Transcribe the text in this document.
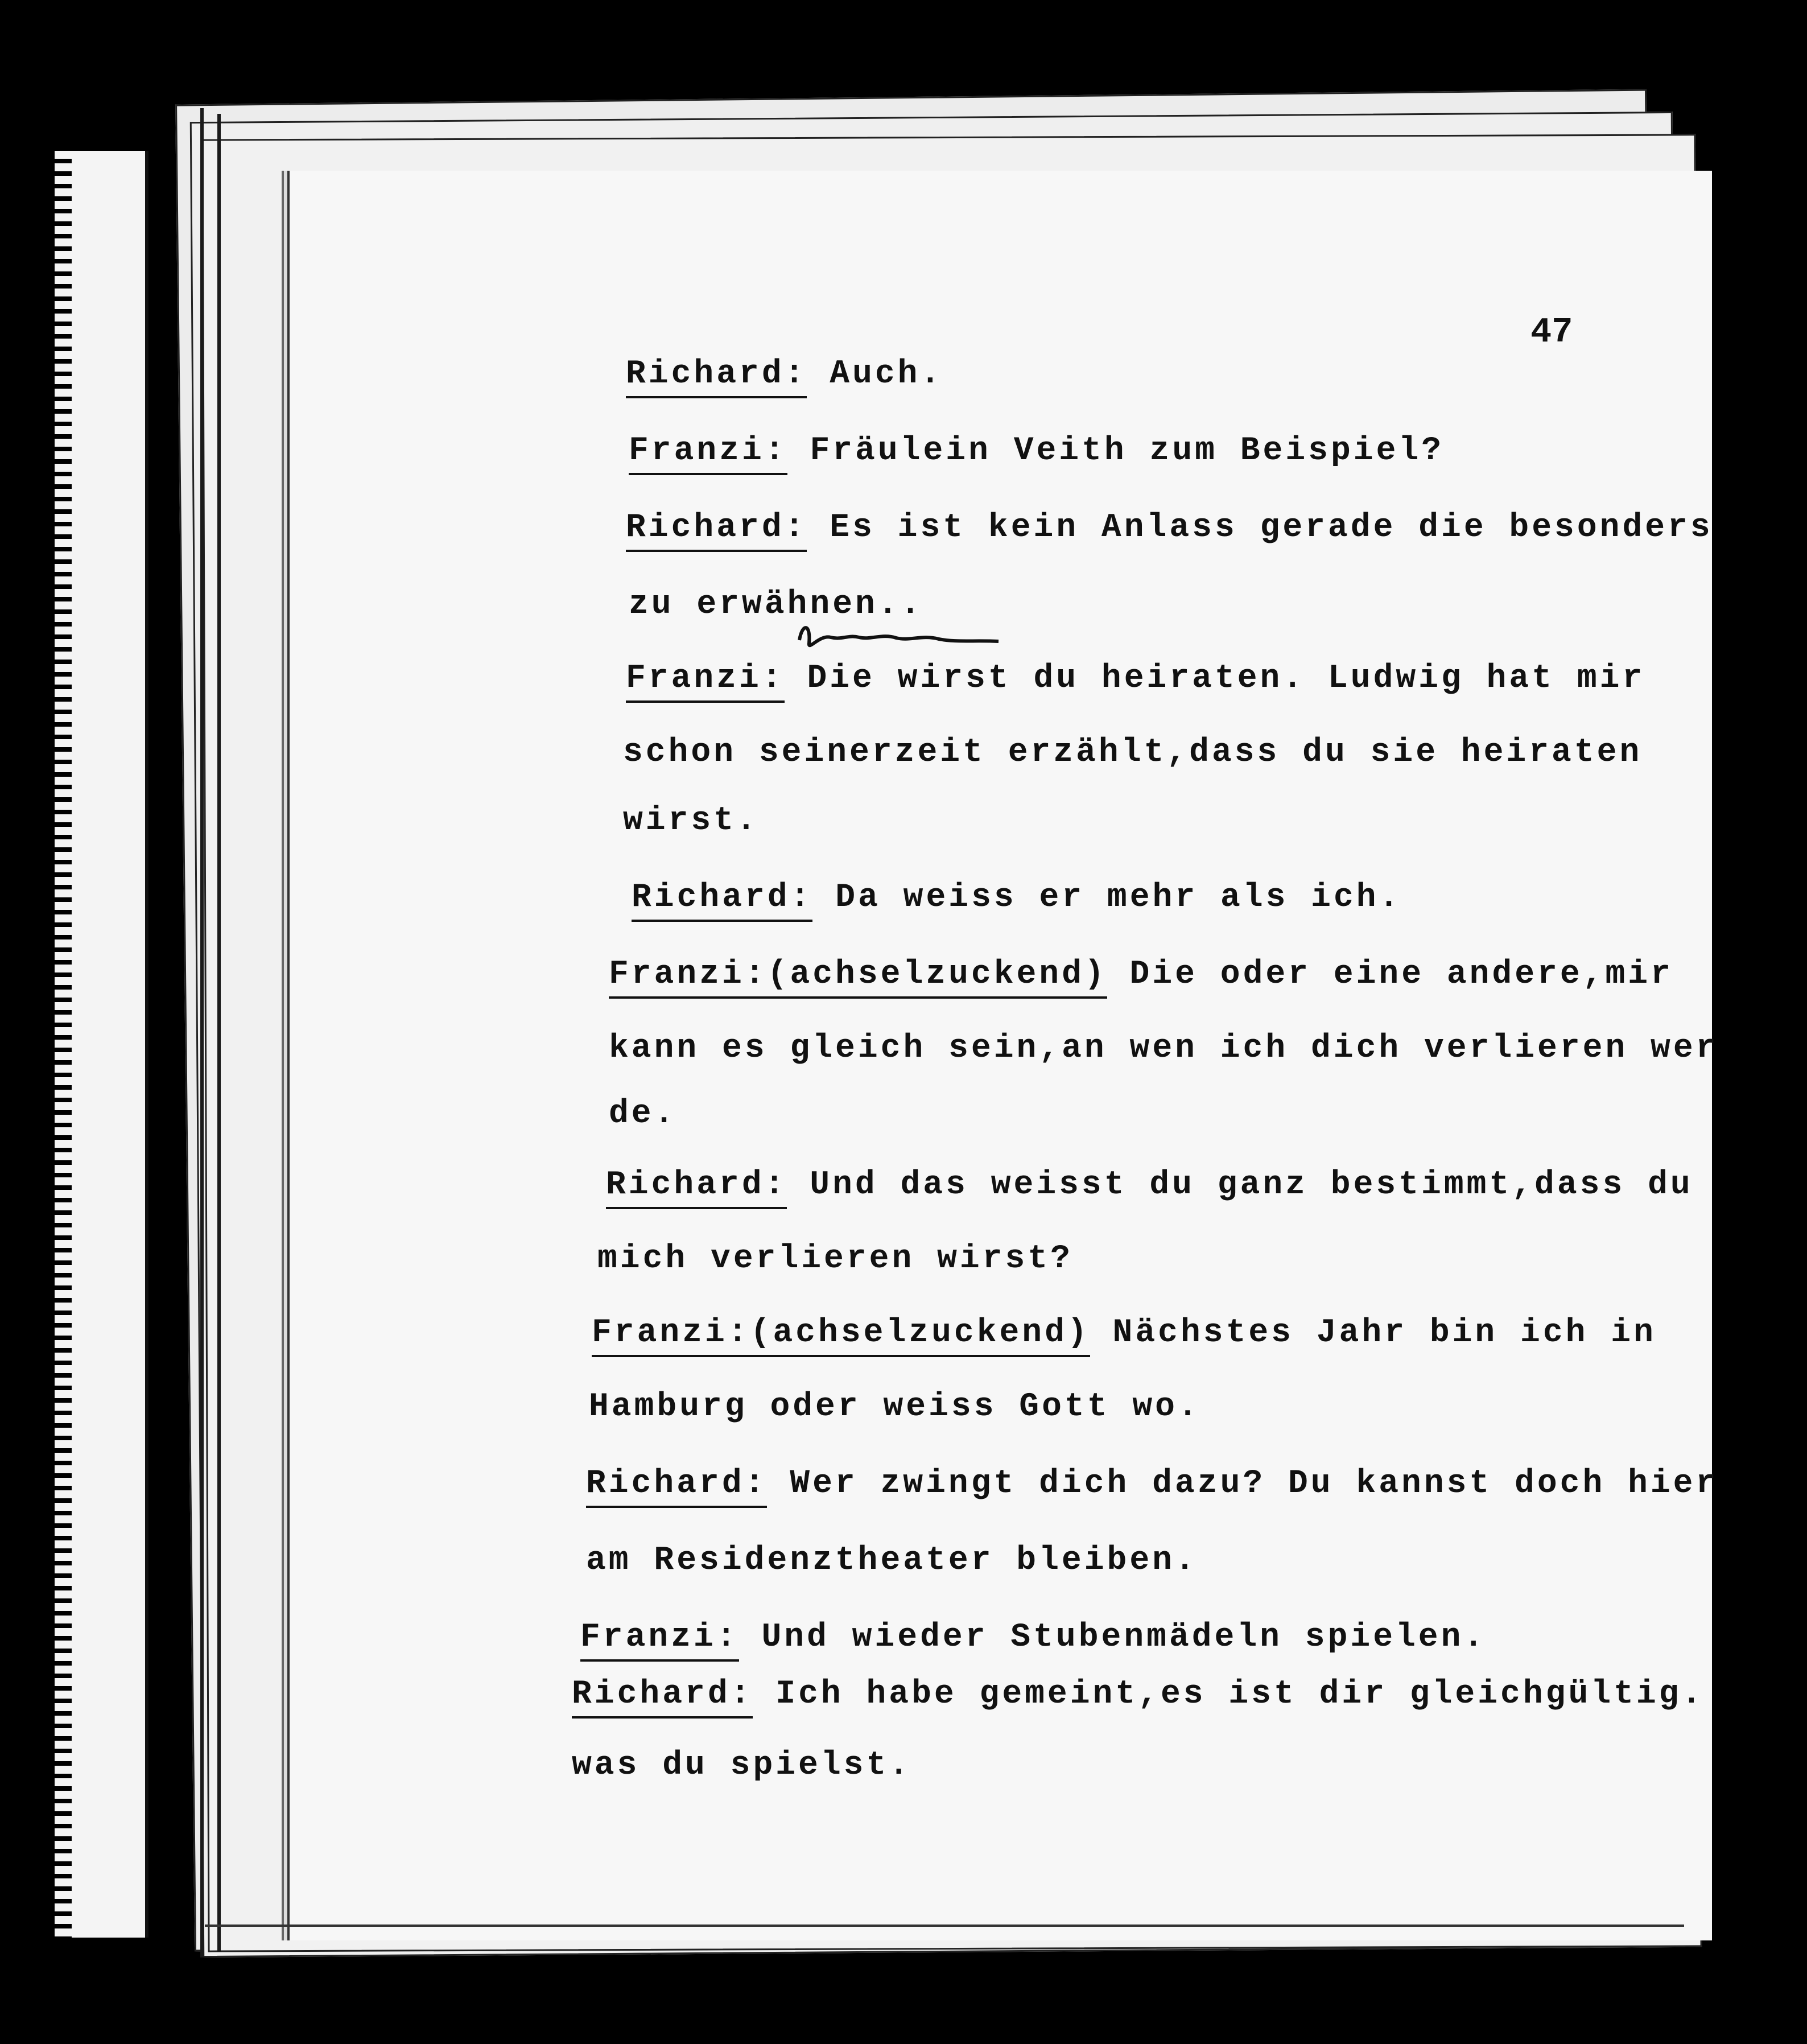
47
Richard: Auch.
Franzi: Fräulein Veith zum Beispiel?
Richard: Es ist kein Anlass gerade die besonders
zu erwähnen..
Franzi: Die wirst du heiraten. Ludwig hat mir
schon seinerzeit erzählt,dass du sie heiraten
wirst.
Richard: Da weiss er mehr als ich.
Franzi:(achselzuckend) Die oder eine andere,mir
kann es gleich sein,an wen ich dich verlieren wer
de.
Richard: Und das weisst du ganz bestimmt,dass du
mich verlieren wirst?
Franzi:(achselzuckend) Nächstes Jahr bin ich in
Hamburg oder weiss Gott wo.
Richard: Wer zwingt dich dazu? Du kannst doch hier
am Residenztheater bleiben.
Franzi: Und wieder Stubenmädeln spielen.
Richard: Ich habe gemeint,es ist dir gleichgültig.
was du spielst.
